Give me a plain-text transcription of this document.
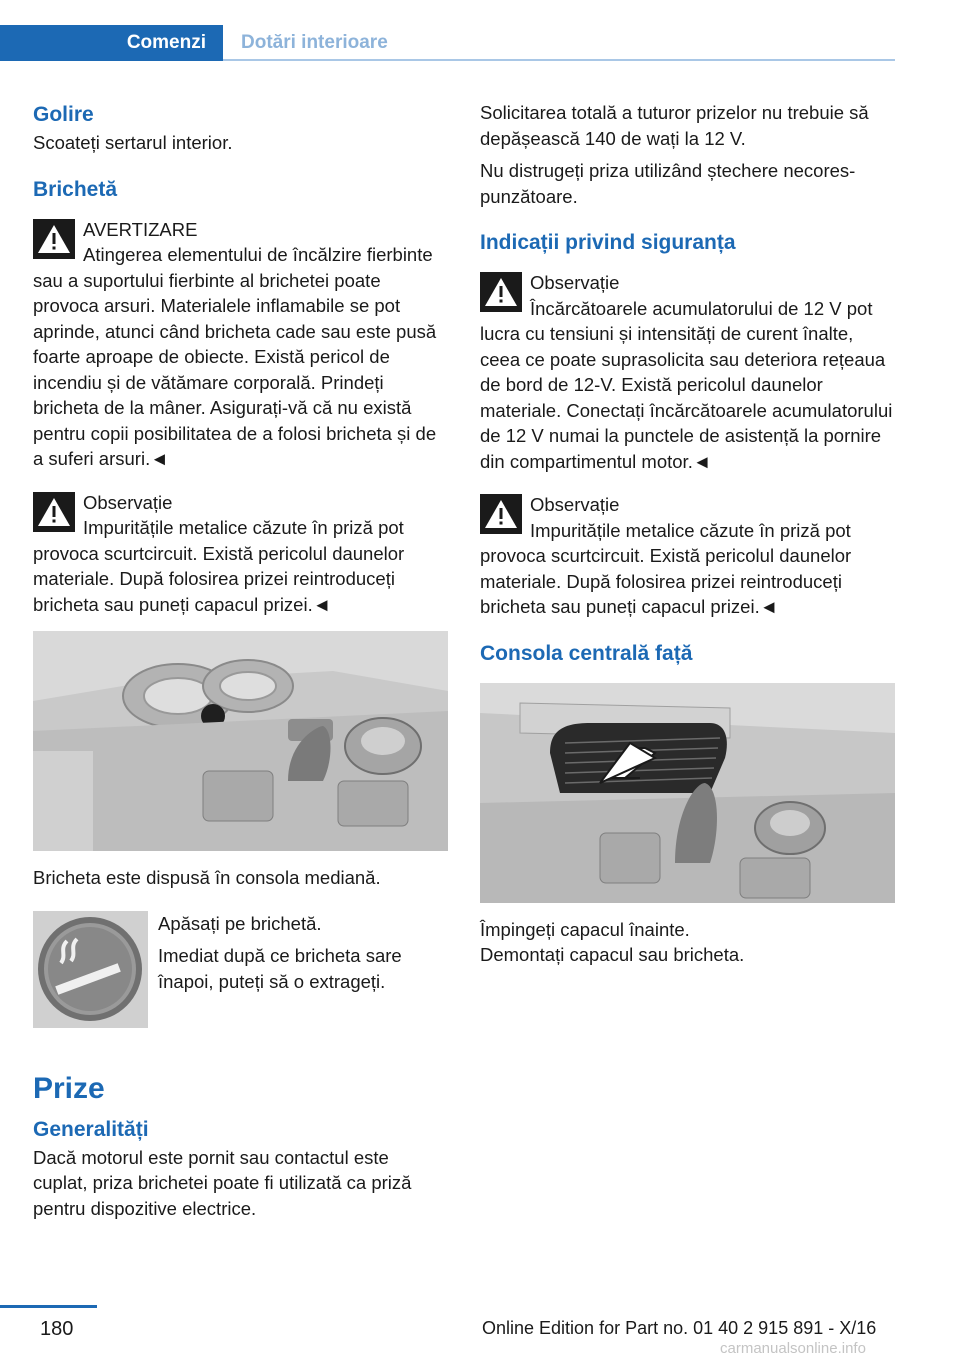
Comenzi	Dotări interioare
Golire

Scoateți sertarul interior.

Brichetă
AVERTIZARE

Atingerea elementului de încălzire fierbinte sau a suportului fierbinte al brichetei poate provoca arsuri. Materialele inflamabile se pot aprinde, atunci când bricheta cade sau este pusă foarte aproape de obiecte. Există pericol de incendiu și de vătămare corporală. Prindeți bricheta de la mâner. Asigurați-vă că nu există pentru copii posibilitatea de a folosi bricheta și de a suferi arsuri.◄

Observație

Impuritățile metalice căzute în priză pot provoca scurtcircuit. Există pericolul daunelor materiale. După folosirea prizei reintroduceți bricheta sau puneți capacul prizei.◄

Bricheta este dispusă în consola mediană.

Apăsați pe brichetă.

Imediat după ce bricheta sare înapoi, puteți să o extrageți.

Prize
Generalități

Dacă motorul este pornit sau contactul este cuplat, priza brichetei poate fi utilizată ca priză pentru dispozitive electrice.

Solicitarea totală a tuturor prizelor nu trebuie să depășească 140 de wați la 12 V.

Nu distrugeți priza utilizând ștechere necorespunzătoare.

Indicații privind siguranța
Observație

Încărcătoarele acumulatorului de 12 V pot lucra cu tensiuni și intensități de curent înalte, ceea ce poate suprasolicita sau deteriora rețeaua de bord de 12-V. Există pericolul daunelor materiale. Conectați încărcătoarele acumulatorului de 12 V numai la punctele de asistență la pornire din compartimentul motor.◄

Observație

Impuritățile metalice căzute în priză pot provoca scurtcircuit. Există pericolul daunelor materiale. După folosirea prizei reintroduceți bricheta sau puneți capacul prizei.◄

Consola centrală față

Împingeți capacul înainte.

Demontați capacul sau bricheta.

180	Online Edition for Part no. 01 40 2 915 891 - X/16
carmanualsonline.info
